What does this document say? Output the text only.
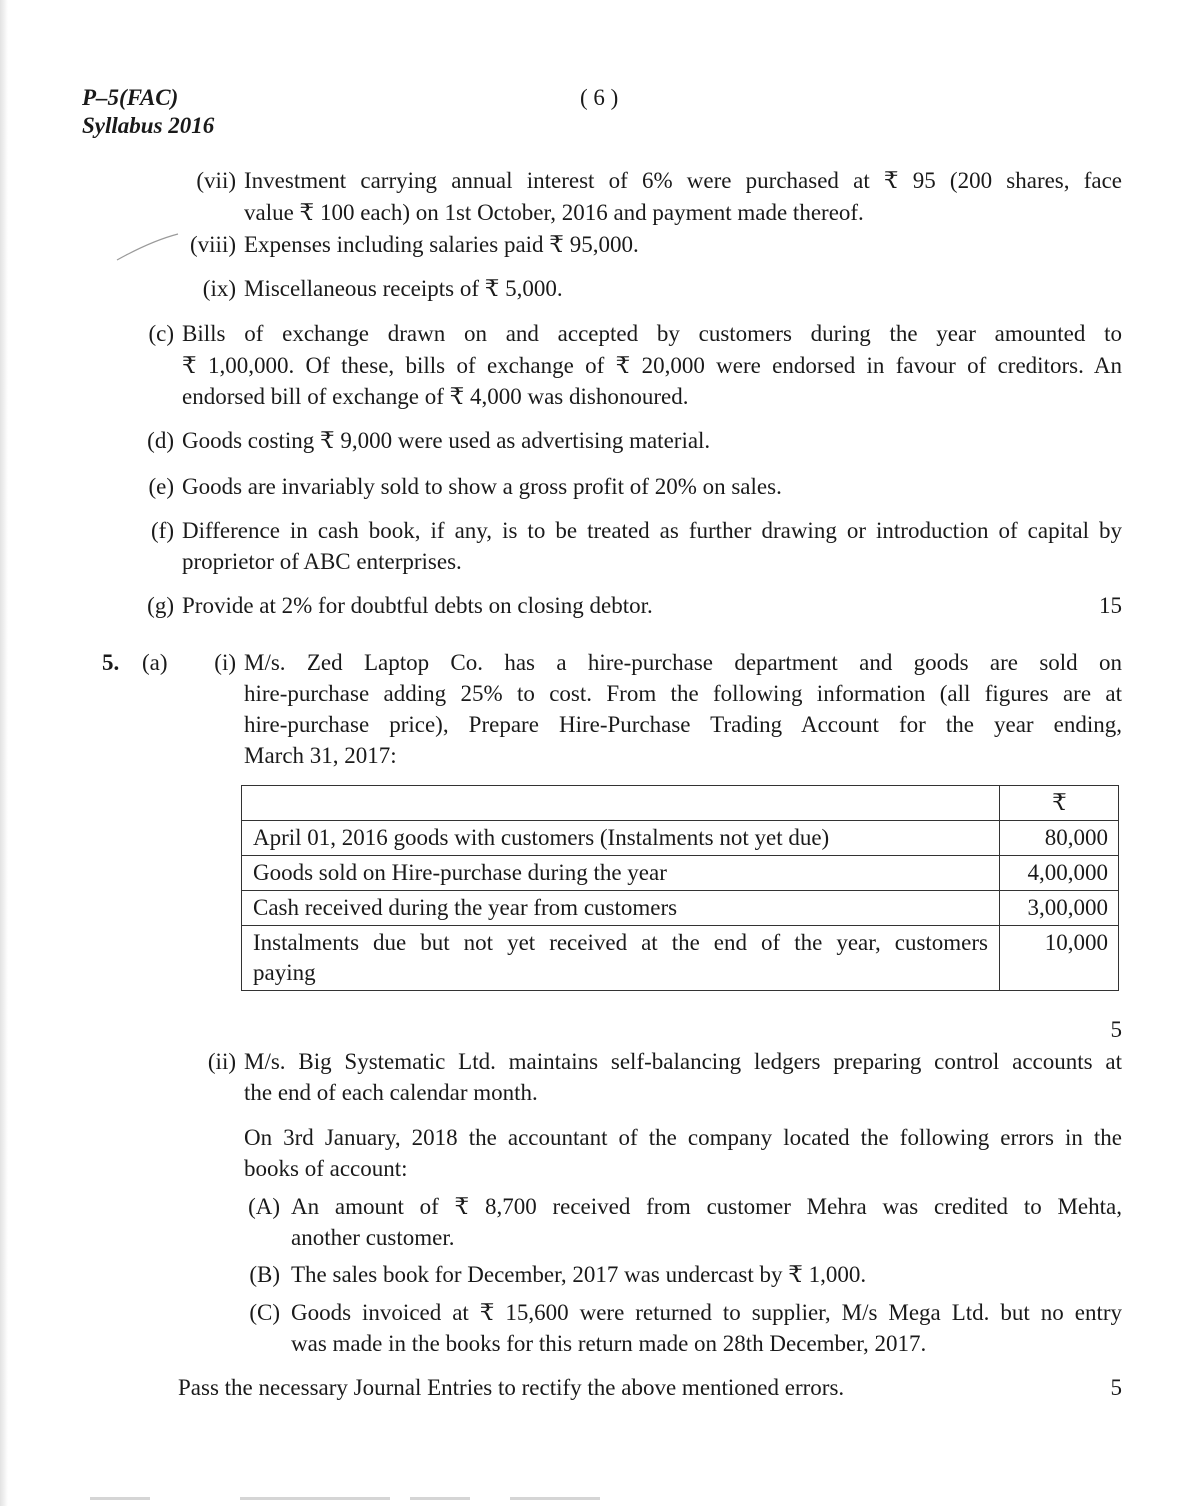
P–5(FAC)
Syllabus 2016
( 6 )
(vii) Investment carrying annual interest of 6% were purchased at ₹ 95 (200 shares, face
value ₹ 100 each) on 1st October, 2016 and payment made thereof.
(viii) Expenses including salaries paid ₹ 95,000.
(ix) Miscellaneous receipts of ₹ 5,000.
(c) Bills of exchange drawn on and accepted by customers during the year amounted to
₹ 1,00,000. Of these, bills of exchange of ₹ 20,000 were endorsed in favour of creditors. An
endorsed bill of exchange of ₹ 4,000 was dishonoured.
(d) Goods costing ₹ 9,000 were used as advertising material.
(e) Goods are invariably sold to show a gross profit of 20% on sales.
(f) Difference in cash book, if any, is to be treated as further drawing or introduction of capital by
proprietor of ABC enterprises.
(g) Provide at 2% for doubtful debts on closing debtor.	15
5. (a)	(i) M/s. Zed Laptop Co. has a hire-purchase department and goods are sold on
hire-purchase adding 25% to cost. From the following information (all figures are at
hire-purchase price), Prepare Hire-Purchase Trading Account for the year ending,
March 31, 2017:
	₹
April 01, 2016 goods with customers (Instalments not yet due)	80,000
Goods sold on Hire-purchase during the year	4,00,000
Cash received during the year from customers	3,00,000

Instalments due but not yet received at the end of the year, customers
paying	10,000
5
(ii) M/s. Big Systematic Ltd. maintains self-balancing ledgers preparing control accounts at
the end of each calendar month.
On 3rd January, 2018 the accountant of the company located the following errors in the
books of account:
(A) An amount of ₹ 8,700 received from customer Mehra was credited to Mehta,
another customer.
(B) The sales book for December, 2017 was undercast by ₹ 1,000.
(C) Goods invoiced at ₹ 15,600 were returned to supplier, M/s Mega Ltd. but no entry
was made in the books for this return made on 28th December, 2017.
Pass the necessary Journal Entries to rectify the above mentioned errors.	5
